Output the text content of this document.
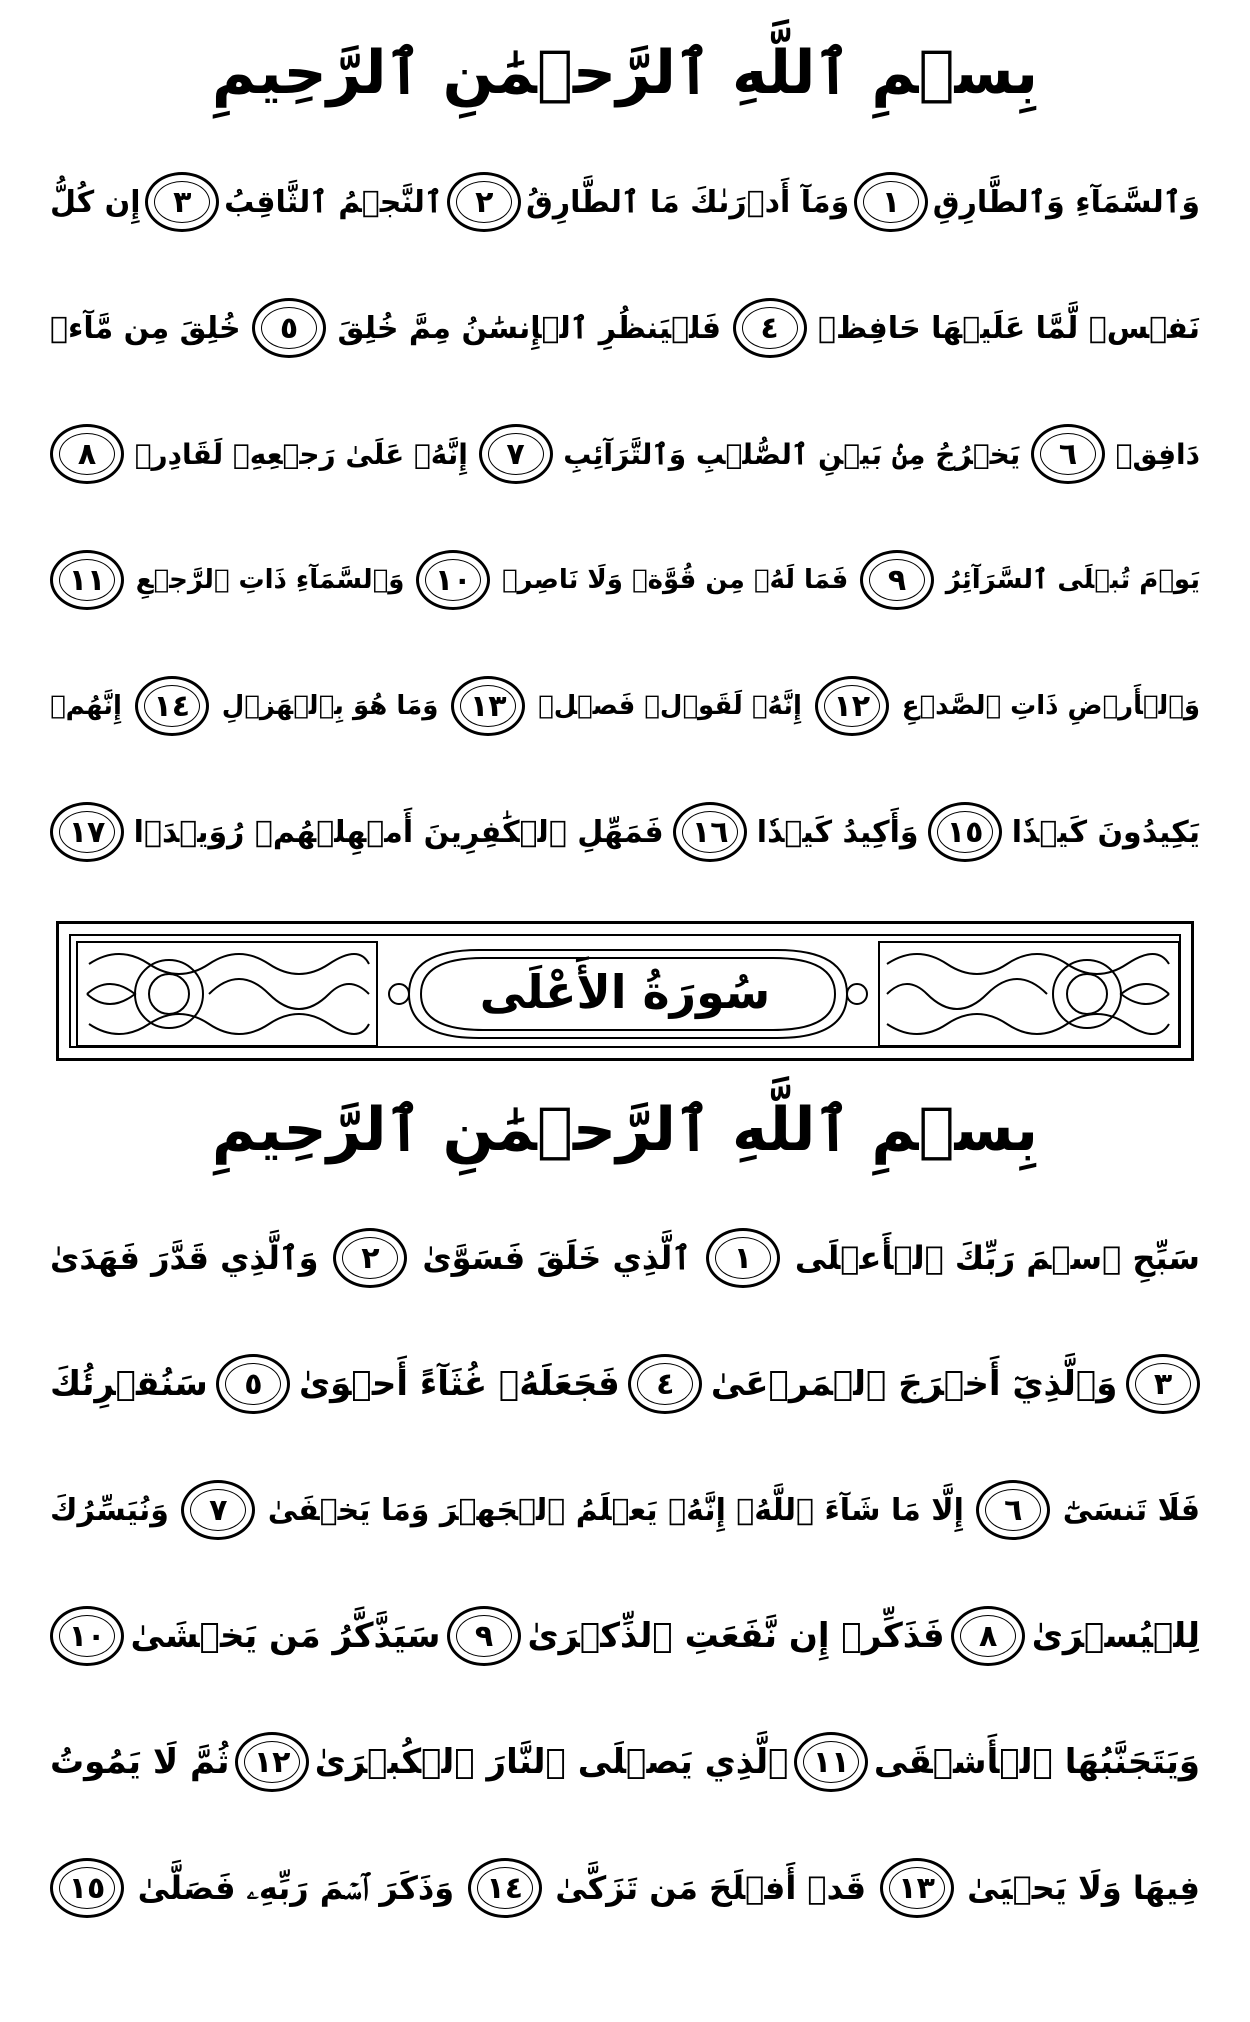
بِسۡمِ ٱللَّهِ ٱلرَّحۡمَٰنِ ٱلرَّحِيمِ
وَٱلسَّمَآءِ وَٱلطَّارِقِ
١
وَمَآ أَدۡرَىٰكَ مَا ٱلطَّارِقُ
٢
ٱلنَّجۡمُ ٱلثَّاقِبُ
٣
إِن كُلُّ
نَفۡسٖ لَّمَّا عَلَيۡهَا حَافِظٞ
٤
فَلۡيَنظُرِ ٱلۡإِنسَٰنُ مِمَّ خُلِقَ
٥
خُلِقَ مِن مَّآءٖ
دَافِقٖ
٦
يَخۡرُجُ مِنۢ بَيۡنِ ٱلصُّلۡبِ وَٱلتَّرَآئِبِ
٧
إِنَّهُۥ عَلَىٰ رَجۡعِهِۦ لَقَادِرٞ
٨
يَوۡمَ تُبۡلَى ٱلسَّرَآئِرُ
٩
فَمَا لَهُۥ مِن قُوَّةٖ وَلَا نَاصِرٖ
١٠
وَٱلسَّمَآءِ ذَاتِ ٱلرَّجۡعِ
١١
وَٱلۡأَرۡضِ ذَاتِ ٱلصَّدۡعِ
١٢
إِنَّهُۥ لَقَوۡلٞ فَصۡلٞ
١٣
وَمَا هُوَ بِٱلۡهَزۡلِ
١٤
إِنَّهُمۡ
يَكِيدُونَ كَيۡدٗا
١٥
وَأَكِيدُ كَيۡدٗا
١٦
فَمَهِّلِ ٱلۡكَٰفِرِينَ أَمۡهِلۡهُمۡ رُوَيۡدَۢا
١٧
سُورَةُ الأَعْلَى
بِسۡمِ ٱللَّهِ ٱلرَّحۡمَٰنِ ٱلرَّحِيمِ
سَبِّحِ ٱسۡمَ رَبِّكَ ٱلۡأَعۡلَى
١
ٱلَّذِي خَلَقَ فَسَوَّىٰ
٢
وَٱلَّذِي قَدَّرَ فَهَدَىٰ
٣
وَٱلَّذِيٓ أَخۡرَجَ ٱلۡمَرۡعَىٰ
٤
فَجَعَلَهُۥ غُثَآءً أَحۡوَىٰ
٥
سَنُقۡرِئُكَ
فَلَا تَنسَىٰٓ
٦
إِلَّا مَا شَآءَ ٱللَّهُۚ إِنَّهُۥ يَعۡلَمُ ٱلۡجَهۡرَ وَمَا يَخۡفَىٰ
٧
وَنُيَسِّرُكَ
لِلۡيُسۡرَىٰ
٨
فَذَكِّرۡ إِن نَّفَعَتِ ٱلذِّكۡرَىٰ
٩
سَيَذَّكَّرُ مَن يَخۡشَىٰ
١٠
وَيَتَجَنَّبُهَا ٱلۡأَشۡقَى
١١
ٱلَّذِي يَصۡلَى ٱلنَّارَ ٱلۡكُبۡرَىٰ
١٢
ثُمَّ لَا يَمُوتُ
فِيهَا وَلَا يَحۡيَىٰ
١٣
قَدۡ أَفۡلَحَ مَن تَزَكَّىٰ
١٤
وَذَكَرَ ٱسۡمَ رَبِّهِۦ فَصَلَّىٰ
١٥
